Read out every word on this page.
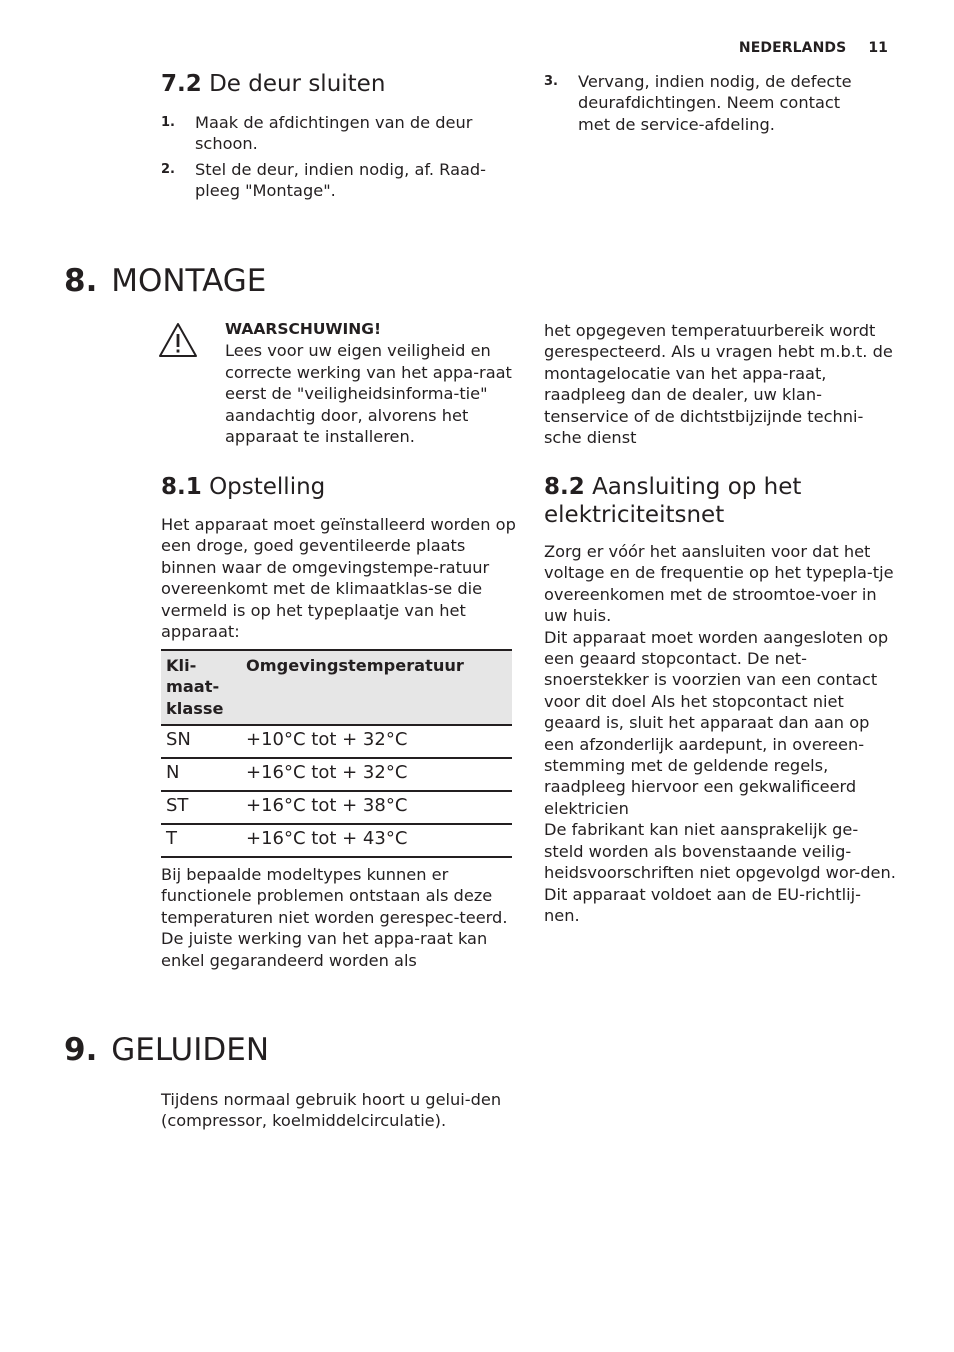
NEDERLANDS 11
7.2 De deur sluiten
1. Maak de afdichtingen van de deur schoon.
2. Stel de deur, indien nodig, af. Raad-pleeg "Montage".
3. Vervang, indien nodig, de defecte deurafdichtingen. Neem contact met de service-afdeling.
8. MONTAGE
WAARSCHUWING!
Lees voor uw eigen veiligheid en correcte werking van het appa-raat eerst de "veiligheidsinforma-tie" aandachtig door, alvorens het apparaat te installeren.
het opgegeven temperatuurbereik wordt gerespecteerd. Als u vragen hebt m.b.t. de montagelocatie van het appa-raat, raadpleeg dan de dealer, uw klan-tenservice of de dichtstbijzijnde techni-sche dienst
8.1 Opstelling
Het apparaat moet geïnstalleerd worden op een droge, goed geventileerde plaats binnen waar de omgevingstempe-ratuur overeenkomt met de klimaatklas-se die vermeld is op het typeplaatje van het apparaat:
Kli-
maat-
klasse	Omgevingstemperatuur
SN	+10°C tot + 32°C
N	+16°C tot + 32°C
ST	+16°C tot + 38°C
T	+16°C tot + 43°C
Bij bepaalde modeltypes kunnen er functionele problemen ontstaan als deze temperaturen niet worden gerespec-teerd. De juiste werking van het appa-raat kan enkel gegarandeerd worden als
8.2 Aansluiting op het elektriciteitsnet
Zorg er vóór het aansluiten voor dat het voltage en de frequentie op het typepla-tje overeenkomen met de stroomtoe-voer in uw huis.
Dit apparaat moet worden aangesloten op een geaard stopcontact. De net-snoerstekker is voorzien van een contact voor dit doel Als het stopcontact niet geaard is, sluit het apparaat dan aan op een afzonderlijk aardepunt, in overeen-stemming met de geldende regels, raadpleeg hiervoor een gekwalificeerd elektricien
De fabrikant kan niet aansprakelijk ge-steld worden als bovenstaande veilig-heidsvoorschriften niet opgevolgd wor-den.
Dit apparaat voldoet aan de EU-richtlij-nen.
9. GELUIDEN
Tijdens normaal gebruik hoort u gelui-den (compressor, koelmiddelcirculatie).
